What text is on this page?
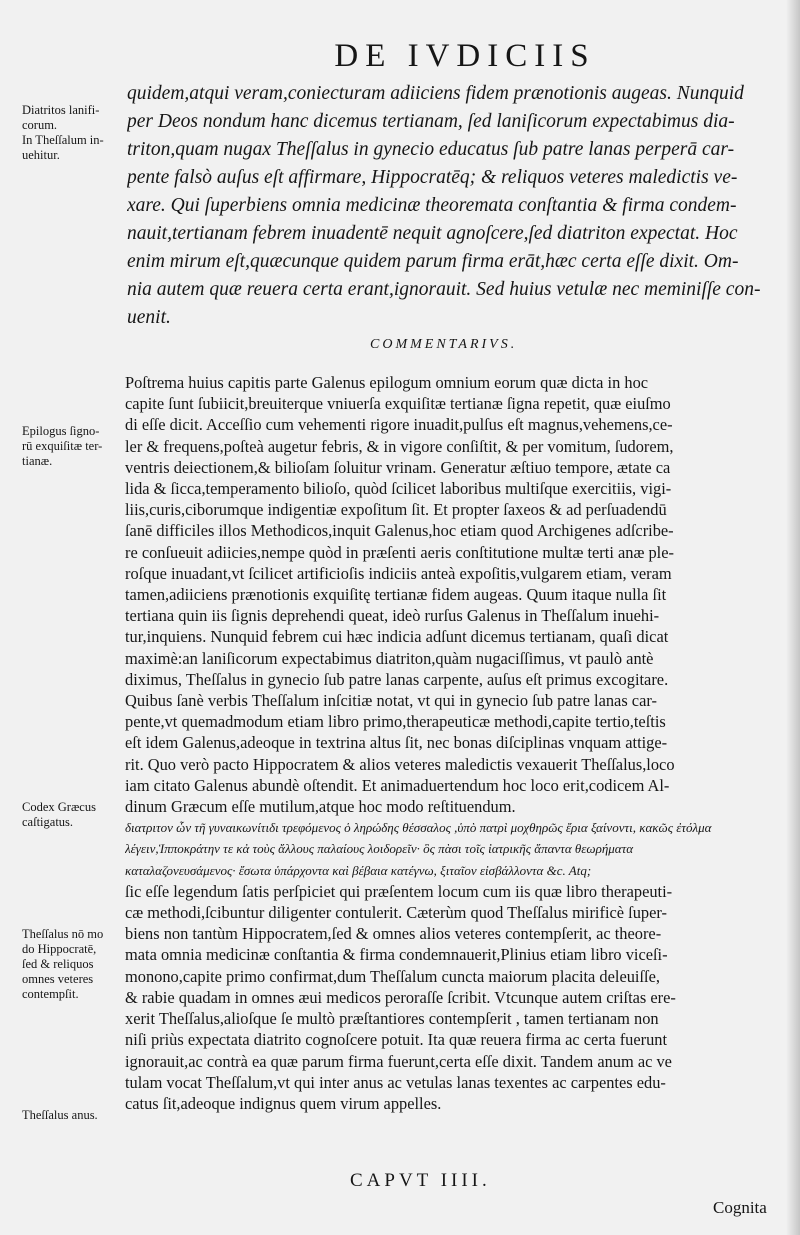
DE IVDICIIS
Diatritos lanifi-
corum.
In Theſſalum in-
uehitur.
Epilogus ſigno-
rū exquiſitæ ter-
tianæ.
Codex Græcus
caſtigatus.
Theſſalus nō mo
do Hippocratē,
ſed & reliquos
omnes veteres
contempſit.
Theſſalus anus.
quidem,atqui veram,coniecturam adiiciens fidem prænotionis augeas. Nunquid
per Deos nondum hanc dicemus tertianam, ſed laniſicorum expectabimus dia-
triton,quam nugax Theſſalus in gynecio educatus ſub patre lanas perperā car-
pente falsò auſus eſt affirmare, Hippocratēq; & reliquos veteres maledictis ve-
xare. Qui ſuperbiens omnia medicinæ theoremata conſtantia & firma condem-
nauit,tertianam febrem inuadentē nequit agnoſcere,ſed diatriton expectat. Hoc
enim mirum eſt,quæcunque quidem parum firma erāt,hæc certa eſſe dixit. Om-
nia autem quæ reuera certa erant,ignorauit. Sed huius vetulæ nec meminiſſe con-
uenit.
COMMENTARIVS.
Poſtrema huius capitis parte Galenus epilogum omnium eorum quæ dicta in hoc
capite ſunt ſubiicit,breuiterque vniuerſa exquiſitæ tertianæ ſigna repetit, quæ eiuſmo
di eſſe dicit. Acceſſio cum vehementi rigore inuadit,pulſus eſt magnus,vehemens,ce-
ler & frequens,poſteà augetur febris, & in vigore conſiſtit, & per vomitum, ſudorem,
ventris deiectionem,& bilioſam ſoluitur vrinam. Generatur æſtiuo tempore, ætate ca
lida & ſicca,temperamento bilioſo, quòd ſcilicet laboribus multiſque exercitiis, vigi-
liis,curis,ciborumque indigentiæ expoſitum ſit. Et propter ſaxeos & ad perſuadendū
ſanē difficiles illos Methodicos,inquit Galenus,hoc etiam quod Archigenes adſcribe-
re conſueuit adiicies,nempe quòd in præſenti aeris conſtitutione multæ terti anæ ple-
roſque inuadant,vt ſcilicet artificioſis indiciis anteà expoſitis,vulgarem etiam, veram
tamen,adiiciens prænotionis exquiſitę tertianæ fidem augeas. Quum itaque nulla ſit
tertiana quin iis ſignis deprehendi queat, ideò rurſus Galenus in Theſſalum inuehi-
tur,inquiens. Nunquid febrem cui hæc indicia adſunt dicemus tertianam, quaſi dicat
maximè:an laniſicorum expectabimus diatriton,quàm nugaciſſimus, vt paulò antè
diximus, Theſſalus in gynecio ſub patre lanas carpente, auſus eſt primus excogitare.
Quibus ſanè verbis Theſſalum inſcitiæ notat, vt qui in gynecio ſub patre lanas car-
pente,vt quemadmodum etiam libro primo,therapeuticæ methodi,capite tertio,teſtis
eſt idem Galenus,adeoque in textrina altus ſit, nec bonas diſciplinas vnquam attige-
rit. Quo verò pacto Hippocratem & alios veteres maledictis vexauerit Theſſalus,loco
iam citato Galenus abundè oſtendit. Et animaduertendum hoc loco erit,codicem Al-
dinum Græcum eſſe mutilum,atque hoc modo reſtituendum.
διατριτον ὧν τῆ γυναικωνίτιδι τρεφόμενος ὁ ληρώδης θέσσαλος ,ὑπὸ πατρὶ μοχθηρῶς ἔρια ξαίνοντι, κακῶς ἐτόλμα
λέγειν,Ἱπποκράτην τε κἀ τοὺς ἄλλους παλαίους λοιδορεῖν· ὃς πὰσι τοῖς ἰατρικῆς ἅπαντα θεωρήματα
καταλαζονευσάμενος· ἔσωτα ὑπάρχοντα καὶ βέβαια κατέγνω, ξιταῖον εἰσβάλλοντα &c. Atq;
ſic eſſe legendum ſatis perſpiciet qui præſentem locum cum iis quæ libro therapeuti-
cæ methodi,ſcibuntur diligenter contulerit. Cæterùm quod Theſſalus mirificè ſuper-
biens non tantùm Hippocratem,ſed & omnes alios veteres contempſerit, ac theore-
mata omnia medicinæ conſtantia & firma condemnauerit,Plinius etiam libro viceſi-
monono,capite primo confirmat,dum Theſſalum cuncta maiorum placita deleuiſſe,
& rabie quadam in omnes æui medicos peroraſſe ſcribit. Vtcunque autem criſtas ere-
xerit Theſſalus,alioſque ſe multò præſtantiores contempſerit , tamen tertianam non
niſi priùs expectata diatrito cognoſcere potuit. Ita quæ reuera firma ac certa fuerunt
ignorauit,ac contrà ea quæ parum firma fuerunt,certa eſſe dixit. Tandem anum ac ve
tulam vocat Theſſalum,vt qui inter anus ac vetulas lanas texentes ac carpentes edu-
catus ſit,adeoque indignus quem virum appelles.
CAPVT IIII.
Cognita
